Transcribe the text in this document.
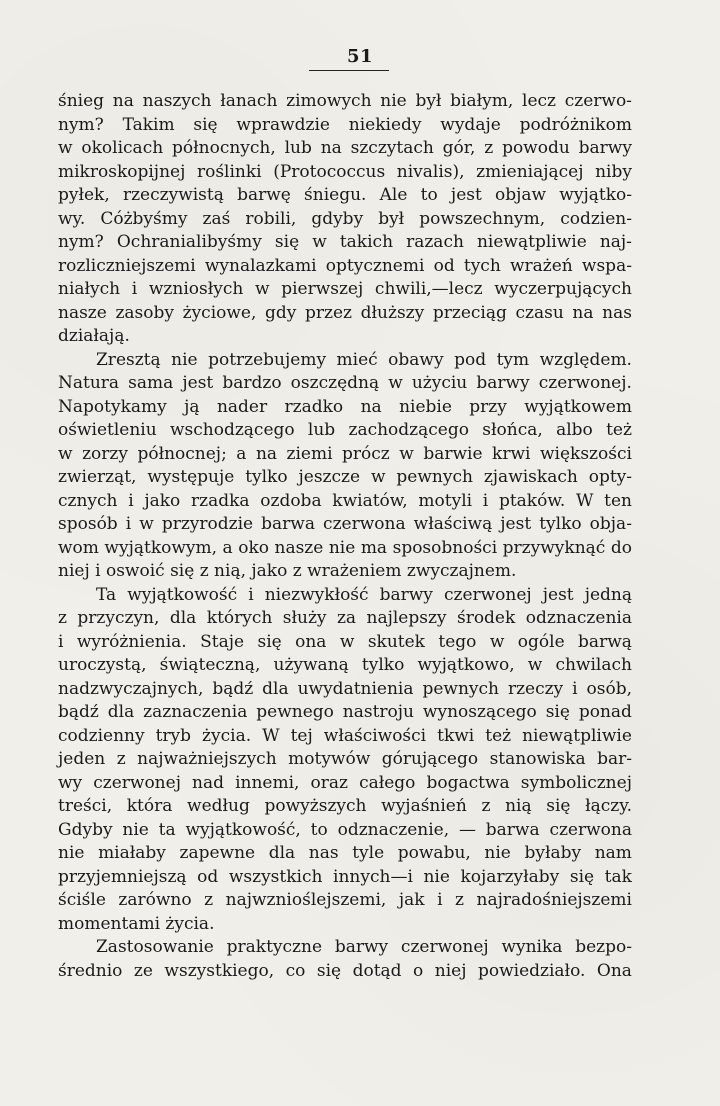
51
śnieg na naszych łanach zimowych nie był białym, lecz czerwo-
nym? Takim się wprawdzie niekiedy wydaje podróżnikom
w okolicach północnych, lub na szczytach gór, z powodu barwy
mikroskopijnej roślinki (Protococcus nivalis), zmieniającej niby
pyłek, rzeczywistą barwę śniegu. Ale to jest objaw wyjątko-
wy. Cóżbyśmy zaś robili, gdyby był powszechnym, codzien-
nym? Ochranialibyśmy się w takich razach niewątpliwie naj-
rozliczniejszemi wynalazkami optycznemi od tych wrażeń wspa-
niałych i wzniosłych w pierwszej chwili,—lecz wyczerpujących
nasze zasoby życiowe, gdy przez dłuższy przeciąg czasu na nas
działają.
Zresztą nie potrzebujemy mieć obawy pod tym względem.
Natura sama jest bardzo oszczędną w użyciu barwy czerwonej.
Napotykamy ją nader rzadko na niebie przy wyjątkowem
oświetleniu wschodzącego lub zachodzącego słońca, albo też
w zorzy północnej; a na ziemi prócz w barwie krwi większości
zwierząt, występuje tylko jeszcze w pewnych zjawiskach opty-
cznych i jako rzadka ozdoba kwiatów, motyli i ptaków. W ten
sposób i w przyrodzie barwa czerwona właściwą jest tylko obja-
wom wyjątkowym, a oko nasze nie ma sposobności przywyknąć do
niej i oswoić się z nią, jako z wrażeniem zwyczajnem.
Ta wyjątkowość i niezwykłość barwy czerwonej jest jedną
z przyczyn, dla których służy za najlepszy środek odznaczenia
i wyróżnienia. Staje się ona w skutek tego w ogóle barwą
uroczystą, świąteczną, używaną tylko wyjątkowo, w chwilach
nadzwyczajnych, bądź dla uwydatnienia pewnych rzeczy i osób,
bądź dla zaznaczenia pewnego nastroju wynoszącego się ponad
codzienny tryb życia. W tej właściwości tkwi też niewątpliwie
jeden z najważniejszych motywów górującego stanowiska bar-
wy czerwonej nad innemi, oraz całego bogactwa symbolicznej
treści, która według powyższych wyjaśnień z nią się łączy.
Gdyby nie ta wyjątkowość, to odznaczenie, — barwa czerwona
nie miałaby zapewne dla nas tyle powabu, nie byłaby nam
przyjemniejszą od wszystkich innych—i nie kojarzyłaby się tak
ściśle zarówno z najwznioślejszemi, jak i z najradośniejszemi
momentami życia.
Zastosowanie praktyczne barwy czerwonej wynika bezpo-
średnio ze wszystkiego, co się dotąd o niej powiedziało. Ona
